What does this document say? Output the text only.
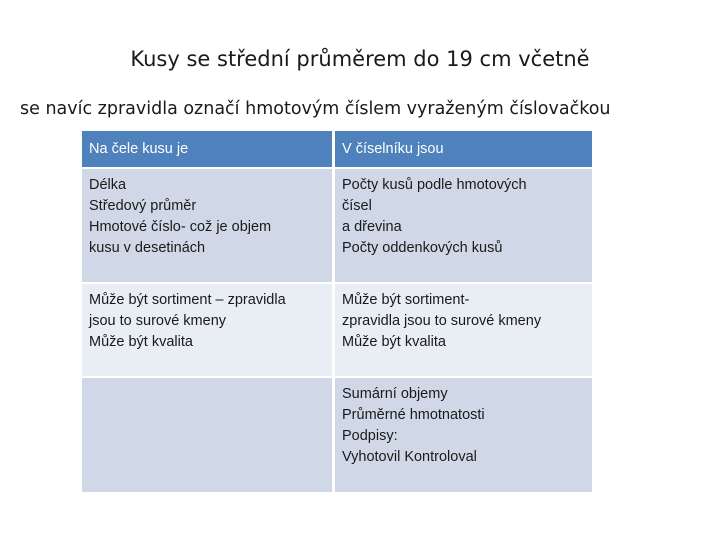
Kusy se střední průměrem do 19 cm včetně
se navíc zpravidla označí hmotovým číslem vyraženým číslovačkou
Na čele kusu je	V číselníku jsou
Délka
Středový průměr
Hmotové číslo- což je objem
kusu v desetinách
Počty kusů podle hmotových
čísel
a dřevina
Počty oddenkových kusů
Může být sortiment – zpravidla
jsou to surové kmeny
Může být kvalita
Může být sortiment-
zpravidla jsou to surové kmeny
Může být kvalita
Sumární objemy
Průměrné hmotnatosti
Podpisy:
Vyhotovil Kontroloval
